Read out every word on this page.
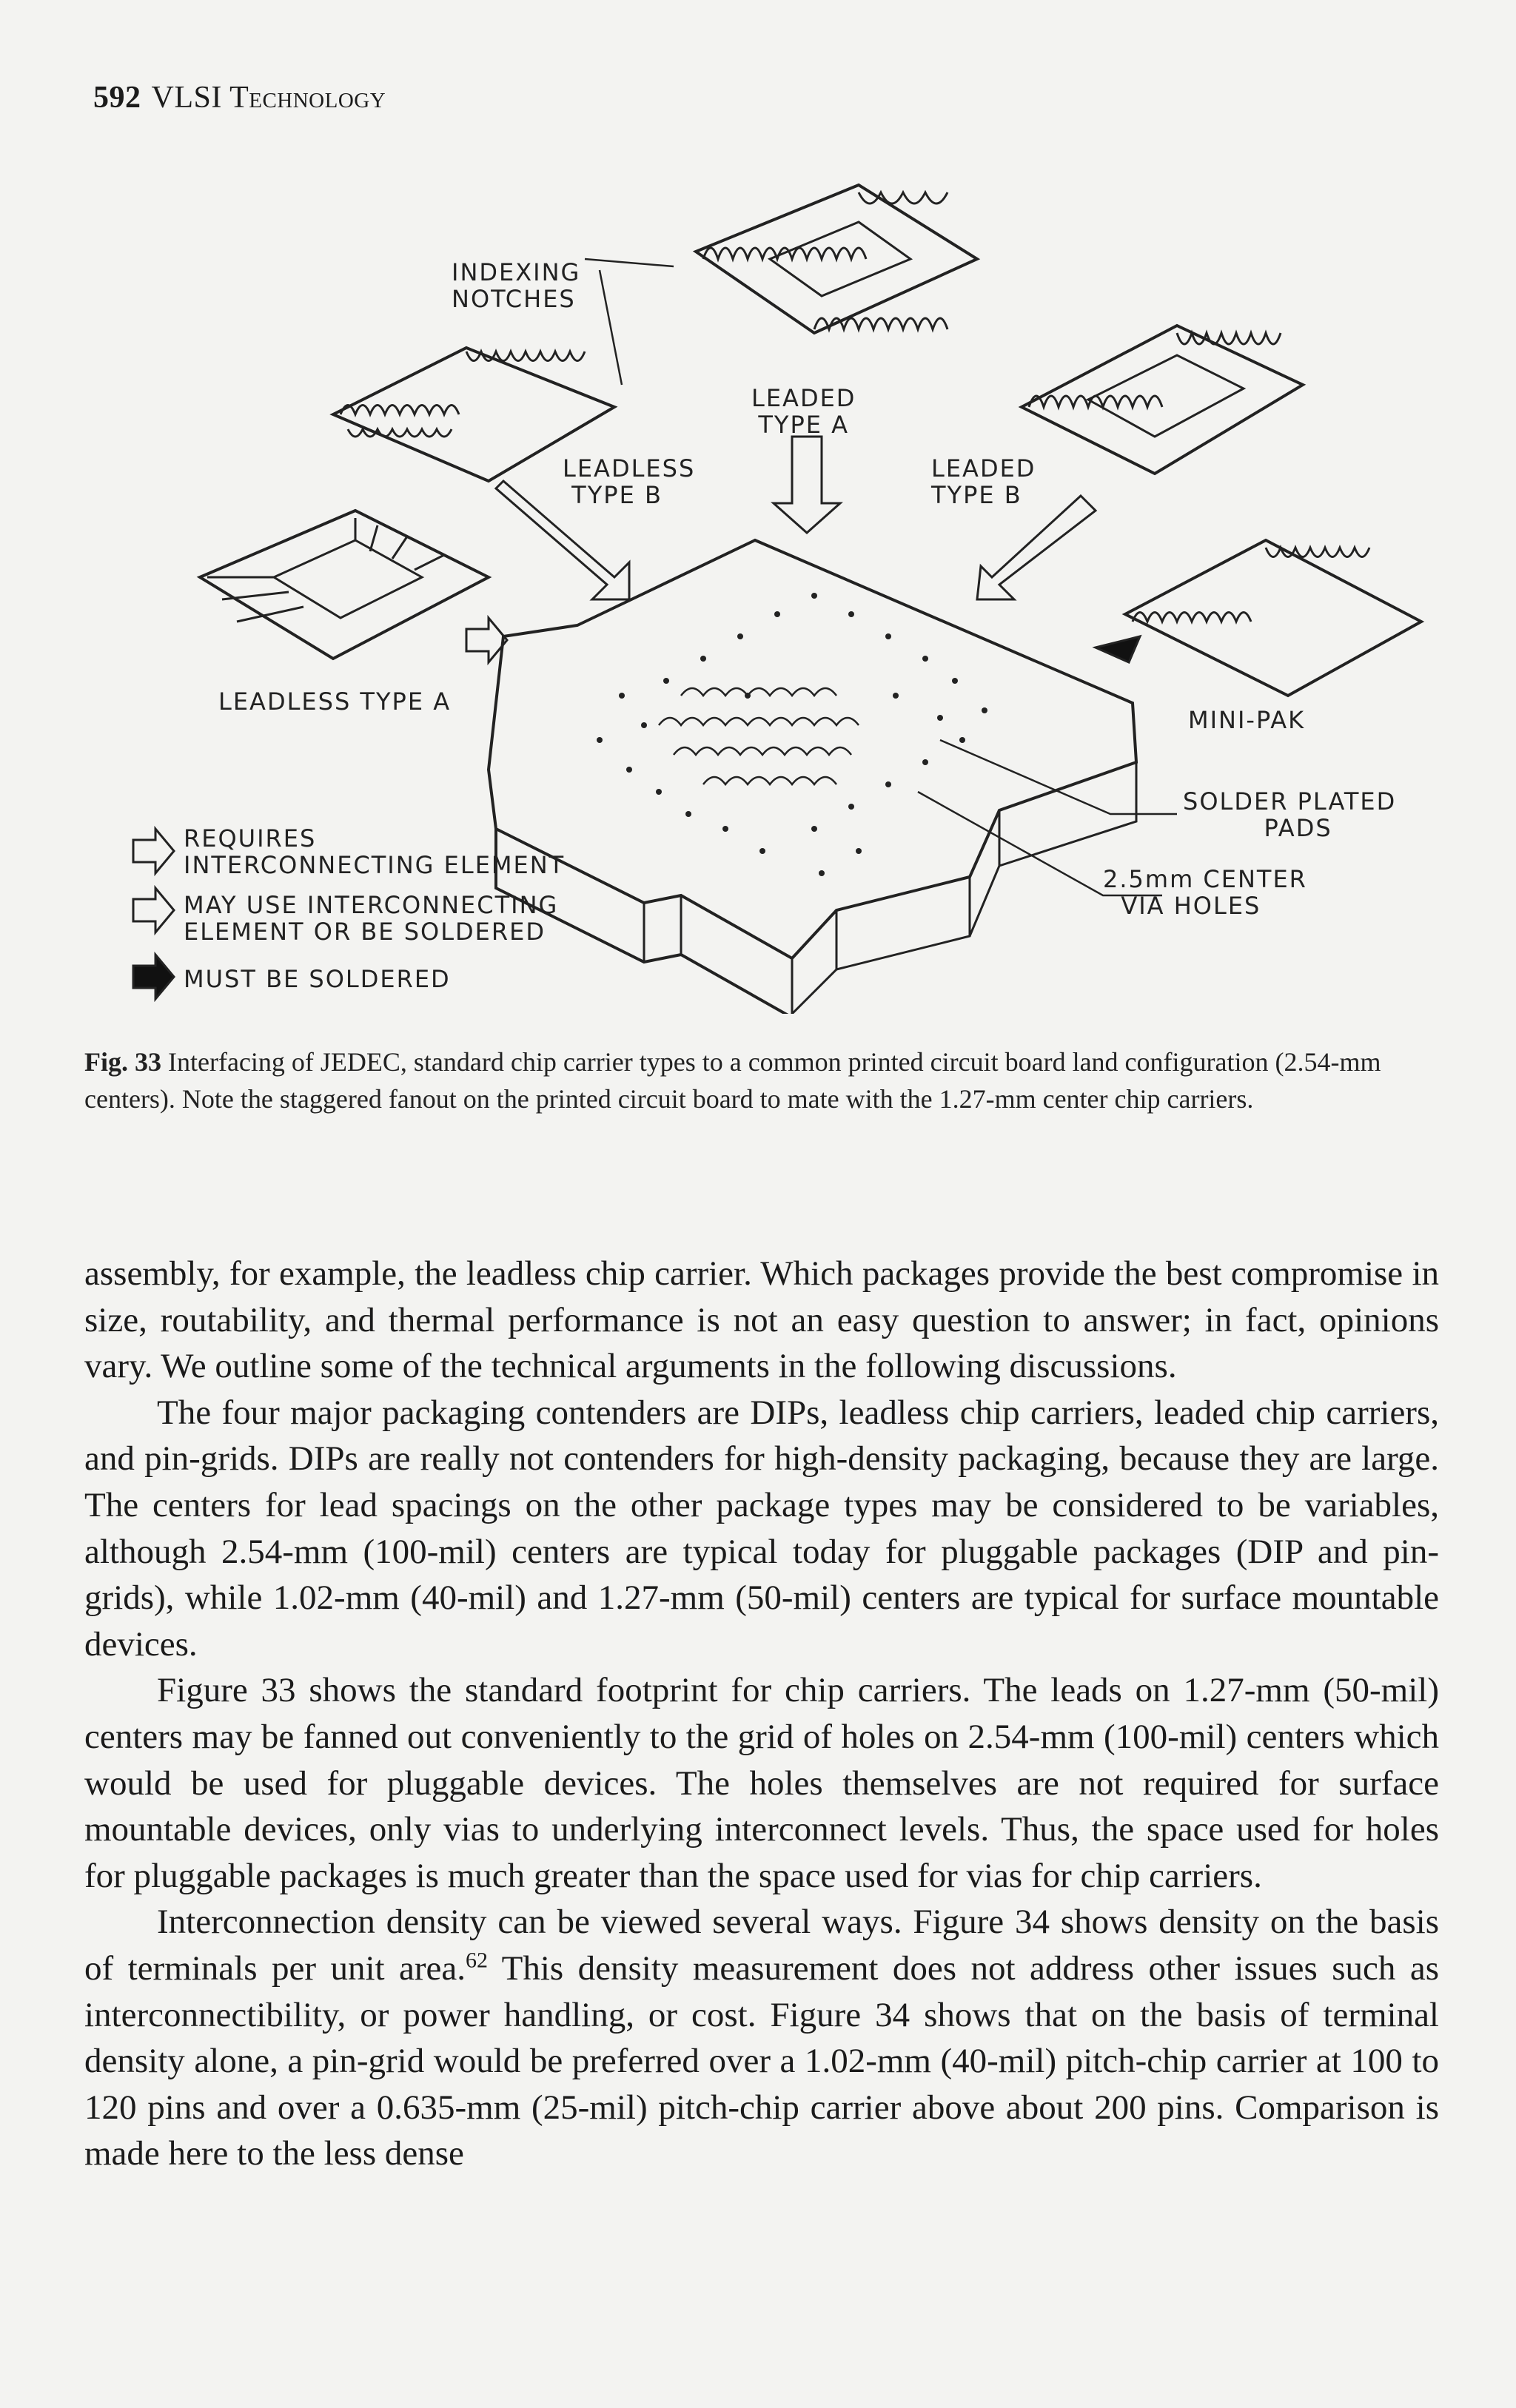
592 VLSI Technology
INDEXING
NOTCHES
LEADED
TYPE A
LEADLESS
TYPE B
LEADED
TYPE B
LEADLESS TYPE A
MINI-PAK
SOLDER PLATED
PADS
2.5mm CENTER
VIA HOLES
REQUIRES
INTERCONNECTING ELEMENT
MAY USE INTERCONNECTING
ELEMENT OR BE SOLDERED
MUST BE SOLDERED
Fig. 33 Interfacing of JEDEC, standard chip carrier types to a common printed circuit board land configuration (2.54-mm centers). Note the staggered fanout on the printed circuit board to mate with the 1.27-mm center chip carriers.

assembly, for example, the leadless chip carrier. Which packages provide the best compromise in size, routability, and thermal performance is not an easy question to answer; in fact, opinions vary. We outline some of the technical arguments in the following discussions.

The four major packaging contenders are DIPs, leadless chip carriers, leaded chip carriers, and pin-grids. DIPs are really not contenders for high-density packaging, because they are large. The centers for lead spacings on the other package types may be considered to be variables, although 2.54-mm (100-mil) centers are typical today for pluggable packages (DIP and pin-grids), while 1.02-mm (40-mil) and 1.27-mm (50-mil) centers are typical for surface mountable devices.

Figure 33 shows the standard footprint for chip carriers. The leads on 1.27-mm (50-mil) centers may be fanned out conveniently to the grid of holes on 2.54-mm (100-mil) centers which would be used for pluggable devices. The holes themselves are not required for surface mountable devices, only vias to underlying interconnect levels. Thus, the space used for holes for pluggable packages is much greater than the space used for vias for chip carriers.

Interconnection density can be viewed several ways. Figure 34 shows density on the basis of terminals per unit area.$^{62}$ This density measurement does not address other issues such as interconnectibility, or power handling, or cost. Figure 34 shows that on the basis of terminal density alone, a pin-grid would be preferred over a 1.02-mm (40-mil) pitch-chip carrier at 100 to 120 pins and over a 0.635-mm (25-mil) pitch-chip carrier above about 200 pins. Comparison is made here to the less dense
